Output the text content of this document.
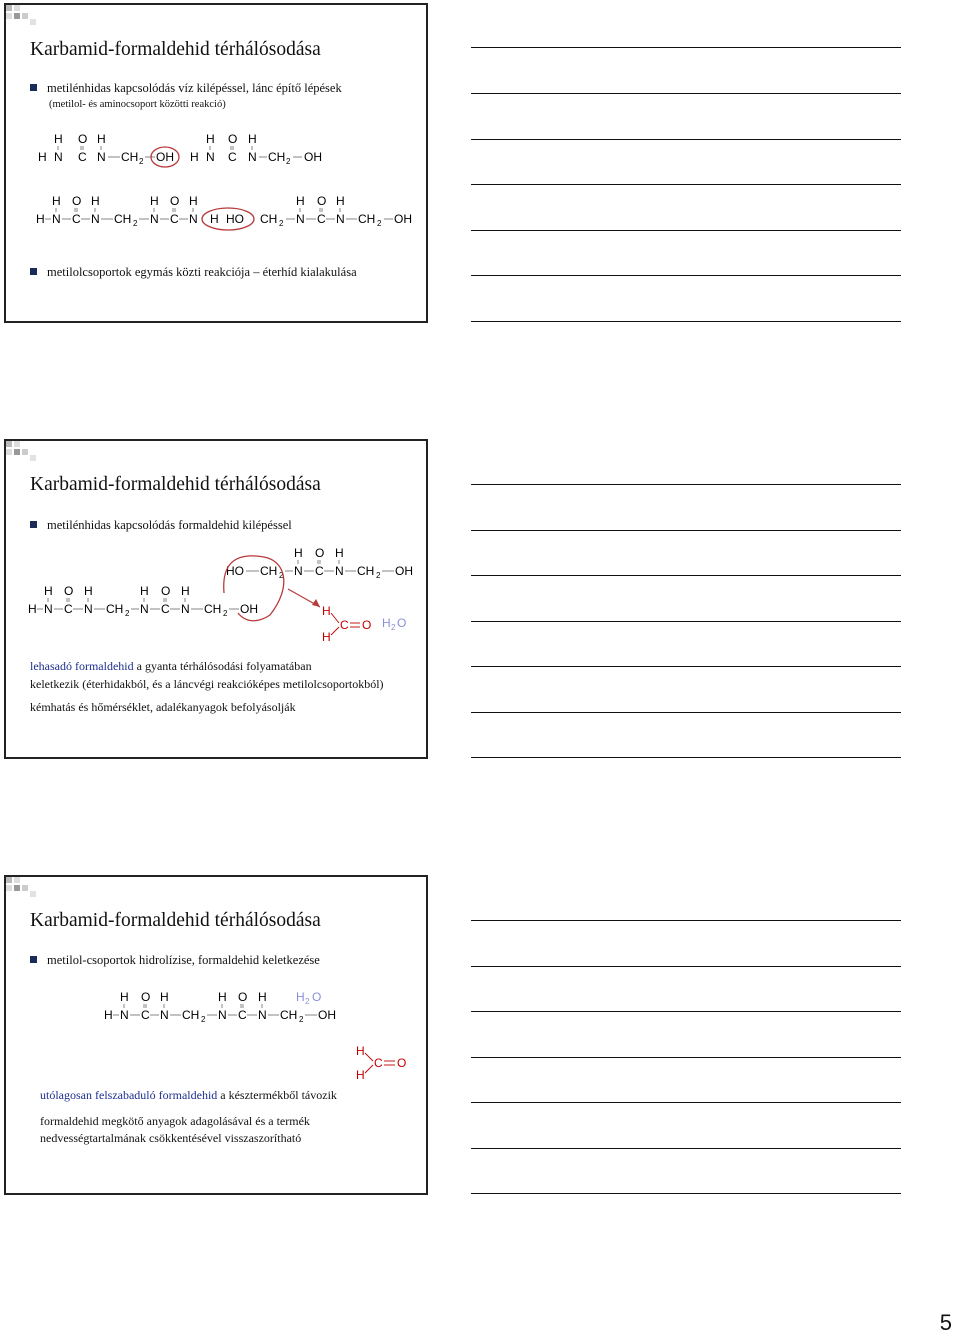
Karbamid-formaldehid térhálósodása
metilénhidas kapcsolódás víz kilépéssel, lánc építő lépések
(metilol- és aminocsoport közötti reakció)
H O H
H N C N CH 2 OH H
H O H
N C N CH 2 OH
H O H
H N C N CH 2
H O H
N C N H HO CH 2
H O H
N C N CH 2 OH
metilolcsoportok egymás közti reakciója – éterhíd kialakulása
Karbamid-formaldehid térhálósodása
metilénhidas kapcsolódás formaldehid kilépéssel
H O H
HO CH 2 N C N CH 2 OH
H O H	H O H
H N C N CH 2 N C N CH 2 OH	H
H
C O H 2 O
lehasadó formaldehid a gyanta térhálósodási folyamatában
keletkezik (éterhidakból, és a láncvégi reakcióképes metilolcsoportokból)
kémhatás és hőmérséklet, adalékanyagok befolyásolják
Karbamid-formaldehid térhálósodása
metilol-csoportok hidrolízise, formaldehid keletkezése
H O H	H O H
H N C N CH 2 N C N CH 2 OH
H 2 O
H
H
C O
utólagosan felszabaduló formaldehid a késztermékből távozik
formaldehid megkötő anyagok adagolásával és a termék
nedvességtartalmának csökkentésével visszaszorítható
5
